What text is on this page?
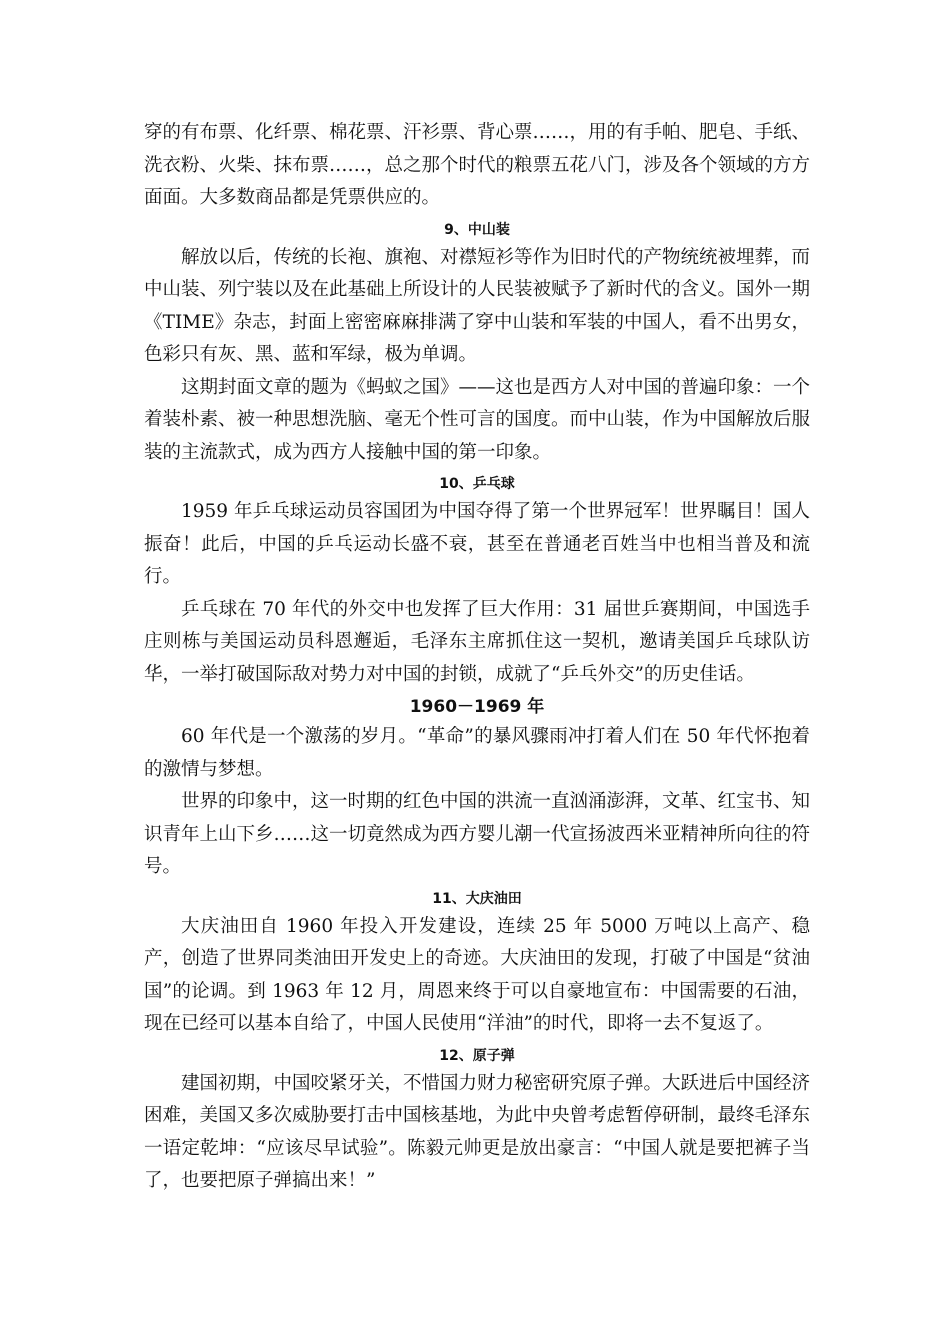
穿的有布票、化纤票、棉花票、汗衫票、背心票……，用的有手帕、肥皂、手纸、洗衣粉、火柴、抹布票……，总之那个时代的粮票五花八门，涉及各个领域的方方面面。大多数商品都是凭票供应的。

9、中山装

解放以后，传统的长袍、旗袍、对襟短衫等作为旧时代的产物统统被埋葬，而中山装、列宁装以及在此基础上所设计的人民装被赋予了新时代的含义。国外一期《TIME》杂志，封面上密密麻麻排满了穿中山装和军装的中国人，看不出男女，色彩只有灰、黑、蓝和军绿，极为单调。

这期封面文章的题为《蚂蚁之国》——这也是西方人对中国的普遍印象：一个着装朴素、被一种思想洗脑、毫无个性可言的国度。而中山装，作为中国解放后服装的主流款式，成为西方人接触中国的第一印象。

10、乒乓球

1959 年乒乓球运动员容国团为中国夺得了第一个世界冠军！世界瞩目！国人振奋！此后，中国的乒乓运动长盛不衰，甚至在普通老百姓当中也相当普及和流行。

乒乓球在 70 年代的外交中也发挥了巨大作用：31 届世乒赛期间，中国选手庄则栋与美国运动员科恩邂逅，毛泽东主席抓住这一契机，邀请美国乒乓球队访华，一举打破国际敌对势力对中国的封锁，成就了“乒乓外交”的历史佳话。

1960－1969 年

60 年代是一个激荡的岁月。“革命”的暴风骤雨冲打着人们在 50 年代怀抱着的激情与梦想。

世界的印象中，这一时期的红色中国的洪流一直汹涌澎湃，文革、红宝书、知识青年上山下乡……这一切竟然成为西方婴儿潮一代宣扬波西米亚精神所向往的符号。

11、大庆油田

大庆油田自 1960 年投入开发建设，连续 25 年 5000 万吨以上高产、稳产，创造了世界同类油田开发史上的奇迹。大庆油田的发现，打破了中国是“贫油国”的论调。到 1963 年 12 月，周恩来终于可以自豪地宣布：中国需要的石油，现在已经可以基本自给了，中国人民使用“洋油”的时代，即将一去不复返了。

12、原子弹

建国初期，中国咬紧牙关，不惜国力财力秘密研究原子弹。大跃进后中国经济困难，美国又多次威胁要打击中国核基地，为此中央曾考虑暂停研制，最终毛泽东一语定乾坤：“应该尽早试验”。陈毅元帅更是放出豪言：“中国人就是要把裤子当了，也要把原子弹搞出来！”
